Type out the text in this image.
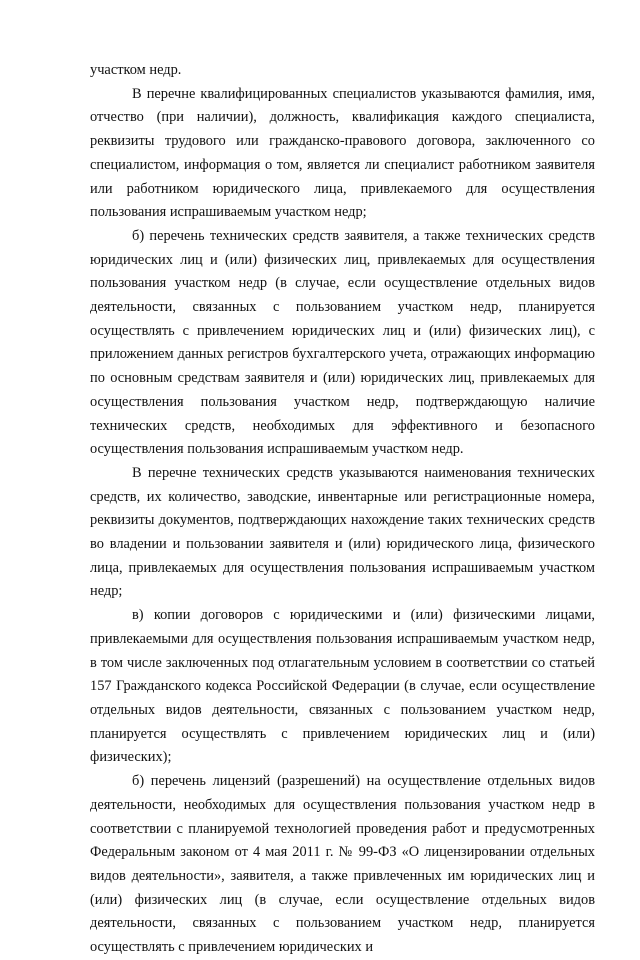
участком недр.

В перечне квалифицированных специалистов указываются фамилия, имя, отчество (при наличии), должность, квалификация каждого специалиста, реквизиты трудового или гражданско-правового договора, заключенного со специалистом, информация о том, является ли специалист работником заявителя или работником юридического лица, привлекаемого для осуществления пользования испрашиваемым участком недр;

б) перечень технических средств заявителя, а также технических средств юридических лиц и (или) физических лиц, привлекаемых для осуществления пользования участком недр (в случае, если осуществление отдельных видов деятельности, связанных с пользованием участком недр, планируется осуществлять с привлечением юридических лиц и (или) физических лиц), с приложением данных регистров бухгалтерского учета, отражающих информацию по основным средствам заявителя и (или) юридических лиц, привлекаемых для осуществления пользования участком недр, подтверждающую наличие технических средств, необходимых для эффективного и безопасного осуществления пользования испрашиваемым участком недр.

В перечне технических средств указываются наименования технических средств, их количество, заводские, инвентарные или регистрационные номера, реквизиты документов, подтверждающих нахождение таких технических средств во владении и пользовании заявителя и (или) юридического лица, физического лица, привлекаемых для осуществления пользования испрашиваемым участком недр;

в) копии договоров с юридическими и (или) физическими лицами, привлекаемыми для осуществления пользования испрашиваемым участком недр, в том числе заключенных под отлагательным условием в соответствии со статьей 157 Гражданского кодекса Российской Федерации (в случае, если осуществление отдельных видов деятельности, связанных с пользованием участком недр, планируется осуществлять с привлечением юридических лиц и (или) физических);

б) перечень лицензий (разрешений) на осуществление отдельных видов деятельности, необходимых для осуществления пользования участком недр в соответствии с планируемой технологией проведения работ и предусмотренных Федеральным законом от 4 мая 2011 г. № 99-ФЗ «О лицензировании отдельных видов деятельности», заявителя, а также привлеченных им юридических лиц и (или) физических лиц (в случае, если осуществление отдельных видов деятельности, связанных с пользованием участком недр, планируется осуществлять с привлечением юридических и
